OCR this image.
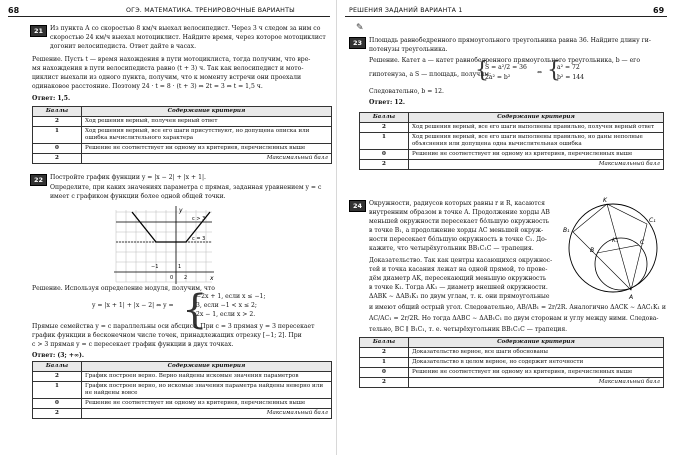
68	ОГЭ. МАТЕМАТИКА. ТРЕНИРОВОЧНЫЕ ВАРИАНТЫ
21	Из пункта А со скоростью 8 км/ч выехал велосипедист. Через 3 ч следом за ним со
скоростью 24 км/ч выехал мотоциклист. Найдите время, через которое мотоциклист
догонит велосипедиста. Ответ дайте в часах.
Решение. Пусть t — время нахождения в пути мотоциклиста, тогда получим, что вре-
мя нахождения в пути велосипедиста равно (t + 3) ч. Так как велосипедист и мото-
циклист выехали из одного пункта, получим, что к моменту встречи они проехали
одинаковое расстояние. Поэтому 24 · t = 8 · (t + 3) ⇔ 2t = 3 ⇔ t = 1,5 ч.
Ответ: 1,5.
Баллы	Содержание критерия
2	Ход решения верный, получен верный ответ
1	Ход решения верный, все его шаги присутствуют, но допущена описка или ошибка вычислительного характера
0	Решение не соответствует ни одному из критериев, перечисленных выше
2	Максимальный балл
22	Постройте график функции y = |x − 2| + |x + 1|.
Определите, при каких значениях параметра c прямая, заданная уравнением y = c
имеет с графиком функции более одной общей точки.
y
x
c > 3
c = 3
−1
2
0
1
Решение. Используя определение модуля, получим, что
y = |x + 1| + |x − 2| ⇔ y = {
−2x + 1, если x ≤ −1;
3, если −1 < x ≤ 2;
2x − 1, если x > 2.
Прямые семейства y = c параллельны оси абсцисс. При c = 3 прямая y = 3 пересекает
график функции в бесконечном числе точек, принадлежащих отрезку [−1; 2]. При
c > 3 прямая y = c пересекает график функции в двух точках.
Ответ: (3; +∞).
Баллы	Содержание критерия
2	График построен верно. Верно найдены искомые значения параметров
1	График построен верно, но искомые значения параметра найдены неверно или не найдены вовсе
0	Решение не соответствует ни одному из критериев, перечисленных выше
2	Максимальный балл
РЕШЕНИЯ ЗАДАНИЙ ВАРИАНТА 1	69
23
✎
Площадь равнобедренного прямоугольного треугольника равна 36. Найдите длину ги-
потенузы треугольника.
Решение. Катет a — катет равнобедренного прямоугольного треугольника, b — его
гипотенуза, а S — площадь, получим:
{
S = a²/2 = 36
2a² = b²
⇔ {
a² = 72
b² = 144
Следовательно, b = 12.
Ответ: 12.
Баллы	Содержание критерия
2	Ход решения верный, все его шаги выполнены правильно, получен верный ответ
1	Ход решения верный, все его шаги выполнены правильно, но даны неполные объяснения или допущена одна вычислительная ошибка
0	Решение не соответствует ни одному из критериев, перечисленных выше
2	Максимальный балл
24	Окружности, радиусов которых равны r и R, касаются
внутренним образом в точке A. Продолжение хорды AB
меньшей окружности пересекает бо́льшую окружность
в точке B₁, а продолжение хорды AC меньшей окруж-
ности пересекает бо́льшую окружность в точке C₁. До-
кажите, что четырёхугольник BB₁C₁C — трапеция.
Доказательство. Так как центры касающихся окружнос-
тей и точка касания лежат на одной прямой, то прове-
дём диаметр AK, пересекающий меньшую окружность
в точке K₁. Тогда AK₁ — диаметр внешней окружности.
ΔABK ∼ ΔAB₁K₁ по двум углам, т. к. они прямоугольные
и имеют общий острый угол. Следовательно, AB/AB₁ = 2r/2R. Аналогично ΔACK ∼ ΔAC₁K₁ и
AC/AC₁ = 2r/2R. Но тогда ΔABC ∼ ΔAB₁C₁ по двум сторонам и углу между ними. Следова-
тельно, BC ∥ B₁C₁, т. е. четырёхугольник BB₁C₁C — трапеция.
A
B
C
B₁
C₁
K
K₁
Баллы	Содержание критерия
2	Доказательство верное, все шаги обоснованы
1	Доказательство в целом верное, но содержит неточности
0	Решение не соответствует ни одному из критериев, перечисленных выше
2	Максимальный балл
